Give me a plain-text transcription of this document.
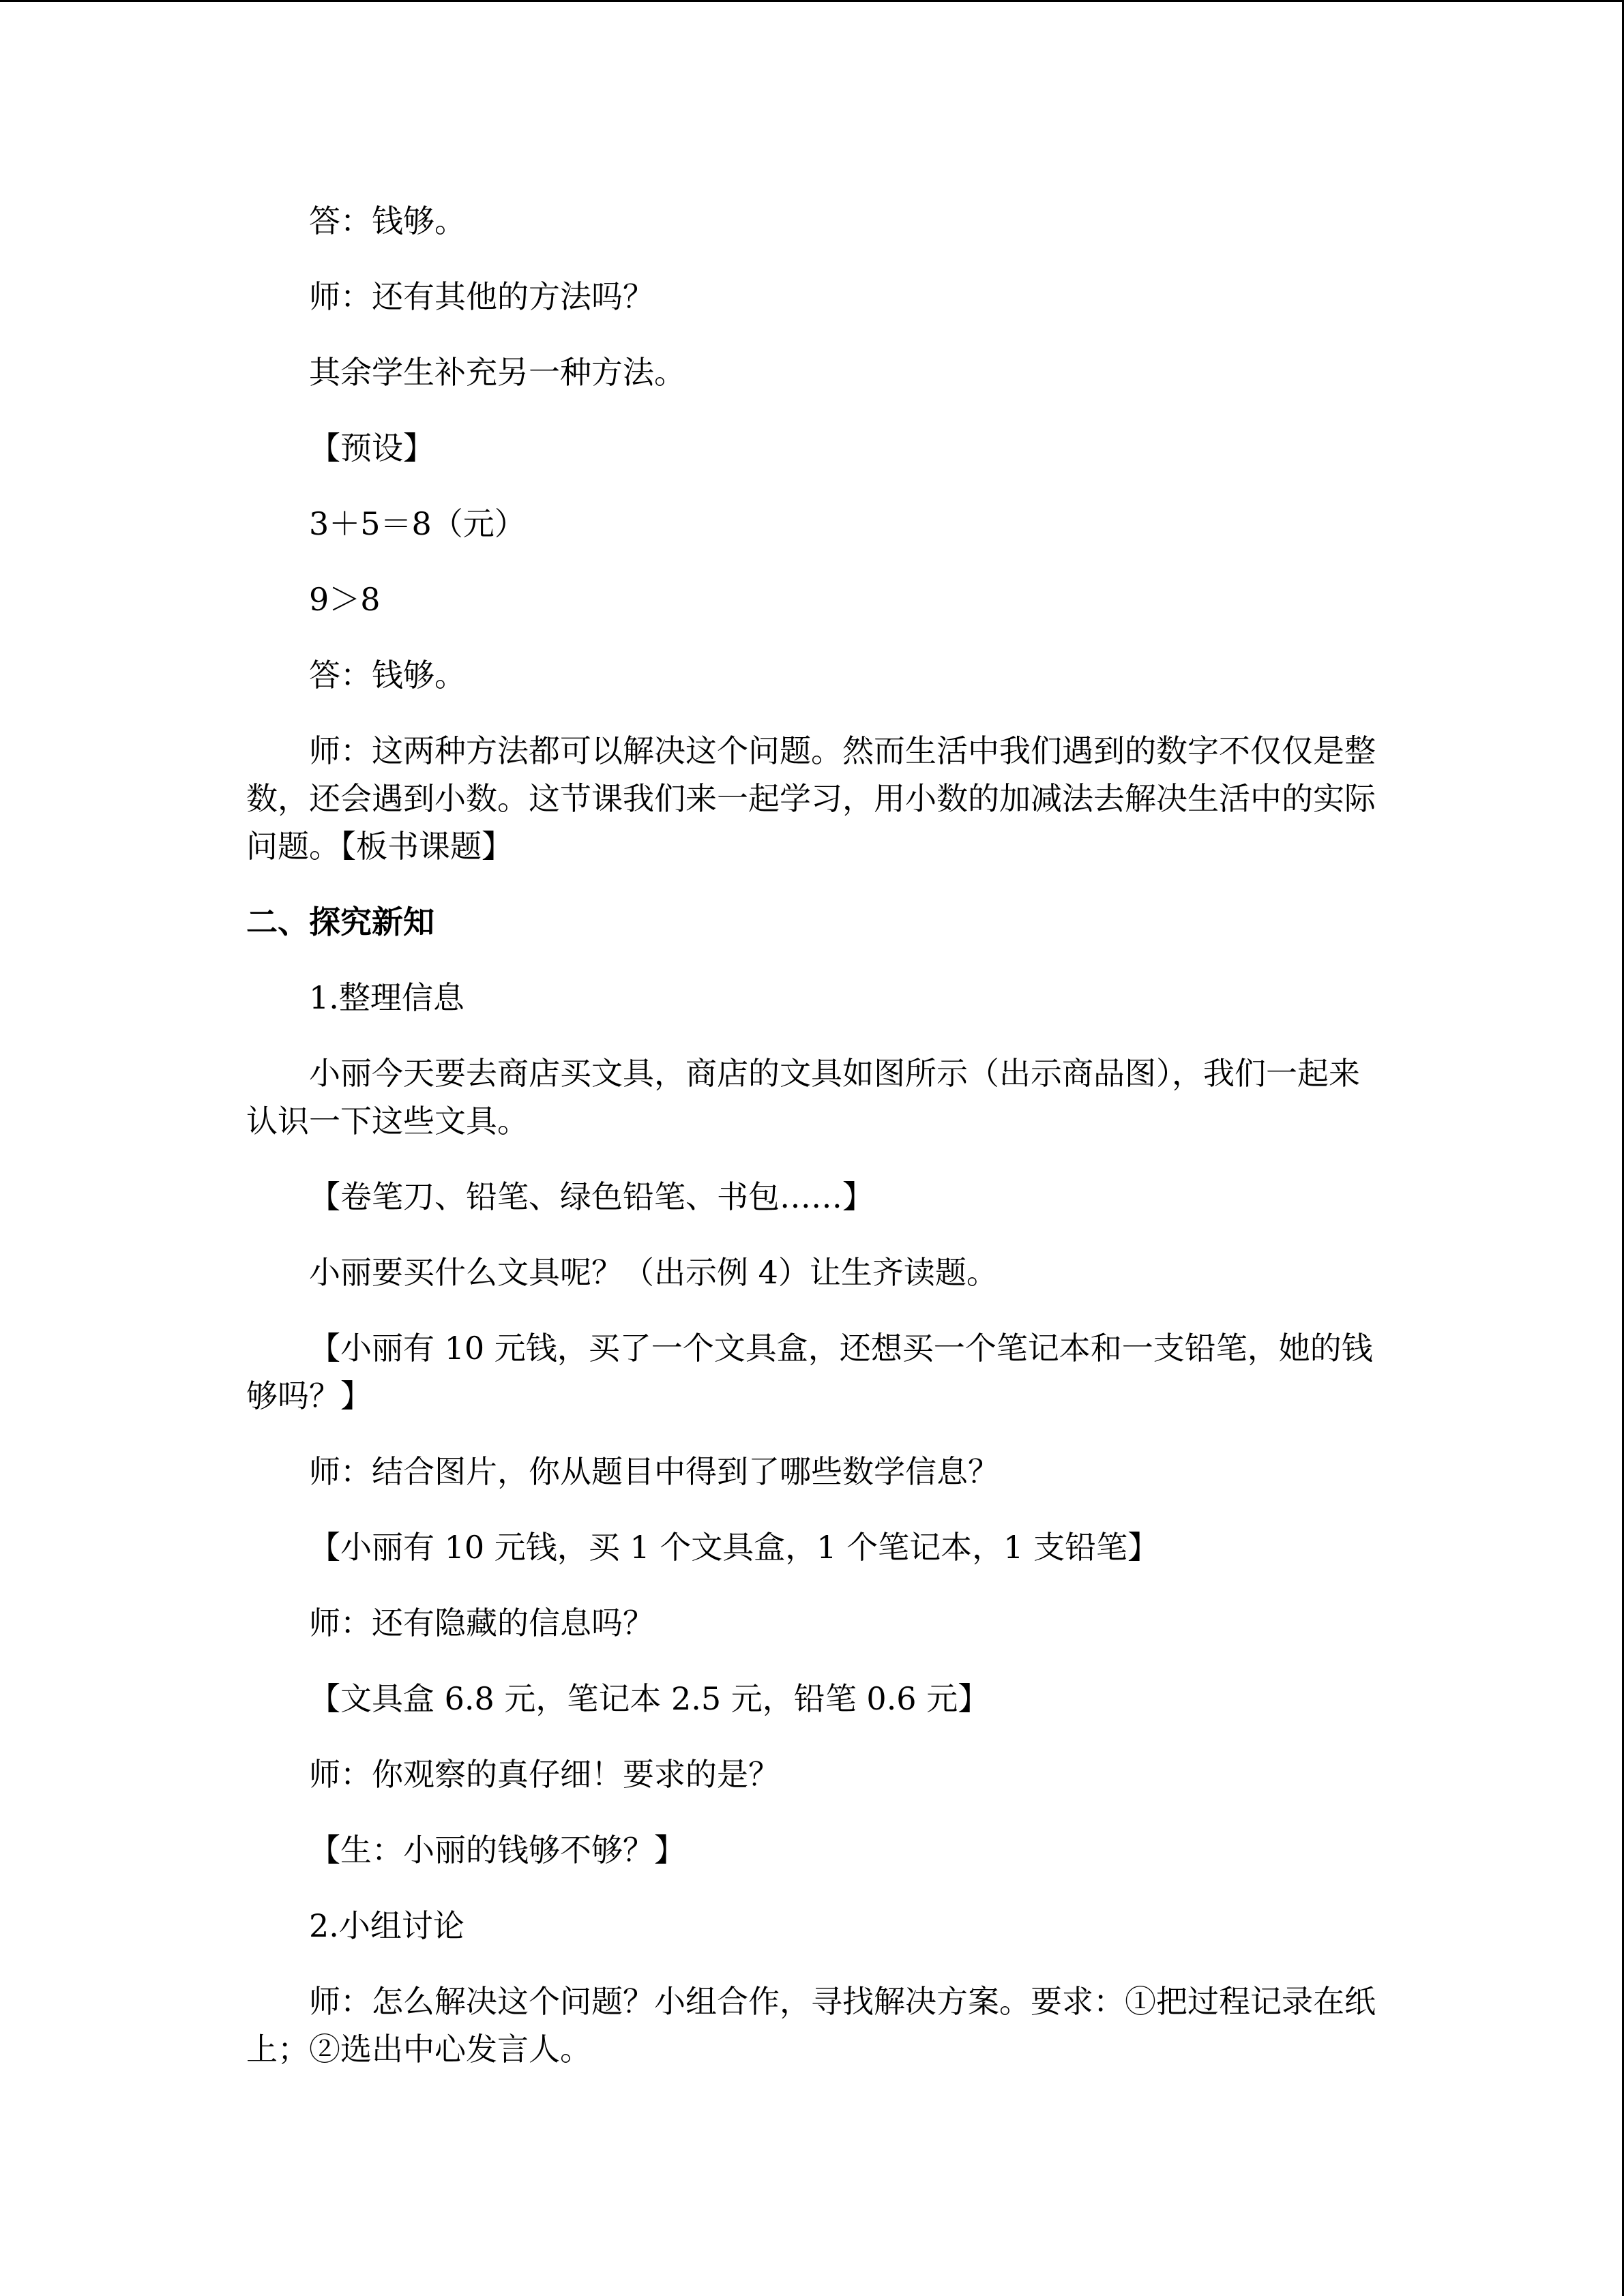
答：钱够。

师：还有其他的方法吗？

其余学生补充另一种方法。

【预设】

3＋5＝8（元）

9＞8

答：钱够。

师：这两种方法都可以解决这个问题。然而生活中我们遇到的数字不仅仅是整数，还会遇到小数。这节课我们来一起学习，用小数的加减法去解决生活中的实际问题。【板书课题】

二、探究新知

1.整理信息

小丽今天要去商店买文具，商店的文具如图所示（出示商品图），我们一起来认识一下这些文具。

【卷笔刀、铅笔、绿色铅笔、书包……】

小丽要买什么文具呢？（出示例 4）让生齐读题。

【小丽有 10 元钱，买了一个文具盒，还想买一个笔记本和一支铅笔，她的钱够吗？】

师：结合图片，你从题目中得到了哪些数学信息？

【小丽有 10 元钱，买 1 个文具盒，1 个笔记本，1 支铅笔】

师：还有隐藏的信息吗？

【文具盒 6.8 元，笔记本 2.5 元，铅笔 0.6 元】

师：你观察的真仔细！要求的是？

【生：小丽的钱够不够？】

2.小组讨论

师：怎么解决这个问题？小组合作，寻找解决方案。要求：①把过程记录在纸上；②选出中心发言人。
